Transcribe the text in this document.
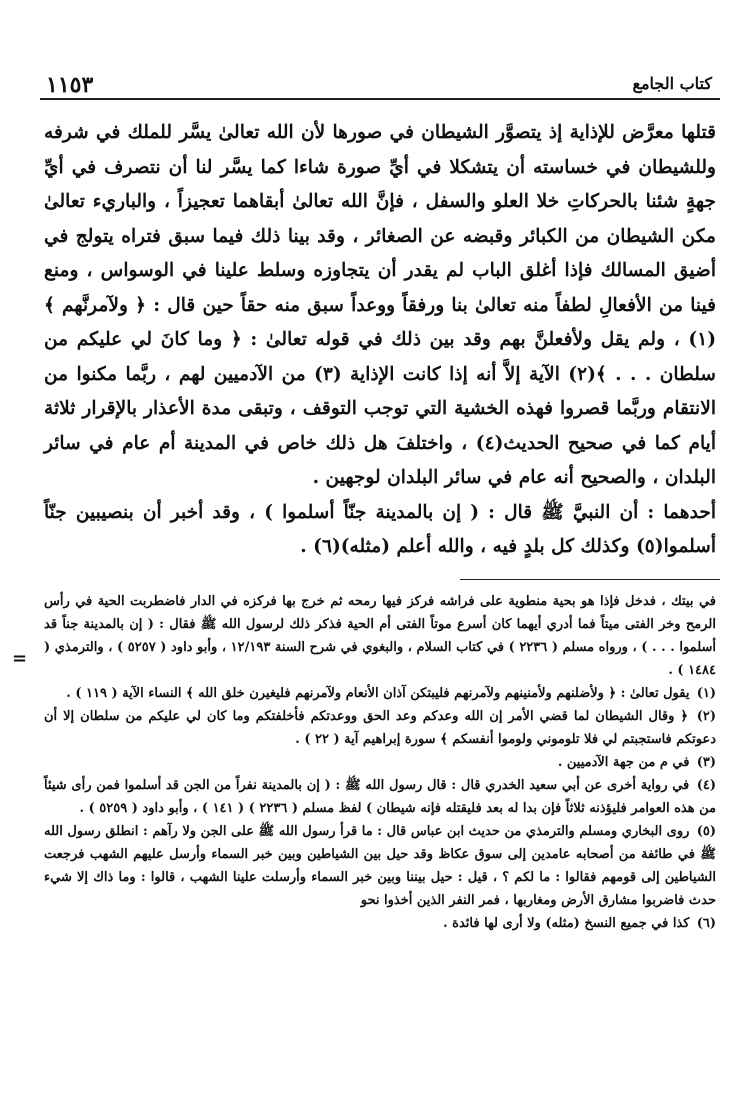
كتاب الجامع
١١٥٣

قتلها معرَّض للإذاية إذ يتصوَّر الشيطان في صورها لأن الله تعالىٰ يسَّر للملك في شرفه وللشيطان في خساسته أن يتشكلا في أيِّ صورة شاءا كما يسَّر لنا أن نتصرف في أيِّ جهةٍ شئنا بالحركاتِ خلا العلو والسفل ، فإنَّ الله تعالىٰ أبقاهما تعجيزاً ، والباريء تعالىٰ مكن الشيطان من الكبائر وقبضه عن الصغائر ، وقد بينا ذلك فيما سبق فتراه يتولج في أضيق المسالك فإذا أغلق الباب لم يقدر أن يتجاوزه وسلط علينا في الوسواس ، ومنع فينا من الأفعالِ لطفاً منه تعالىٰ بنا ورفقاً ووعداً سبق منه حقاً حين قال : ﴿ ولآمرنَّهم ﴾(١) ، ولم يقل ولأفعلنَّ بهم وقد بين ذلك في قوله تعالىٰ : ﴿ وما كانَ لي عليكم من سلطان . . . ﴾(٢) الآية إلاَّ أنه إذا كانت الإذاية (٣) من الآدميين لهم ، ربَّما مكنوا من الانتقام وربَّما قصروا فهذه الخشية التي توجب التوقف ، وتبقى مدة الأعذار بالإقرار ثلاثة أيام كما في صحيح الحديث(٤) ، واختلفَ هل ذلك خاص في المدينة أم عام في سائر البلدان ، والصحيح أنه عام في سائر البلدان لوجهين .

أحدهما : أن النبيَّ ﷺ قال : ( إن بالمدينة جنّاً أسلموا ) ، وقد أخبر أن بنصيبين جنّاً أسلموا(٥) وكذلك كل بلدٍ فيه ، والله أعلم (مثله)(٦) .

=

في بيتك ، فدخل فإذا هو بحية منطوية على فراشه فركز فيها رمحه ثم خرج بها فركزه في الدار فاضطربت الحية في رأس الرمح وخر الفتى ميتاً فما أدري أيهما كان أسرع موتاً الفتى أم الحية فذكر ذلك لرسول الله ﷺ فقال : ( إن بالمدينة جناً قد أسلموا . . . ) ، ورواه مسلم ( ٢٢٣٦ ) في كتاب السلام ، والبغوي في شرح السنة ١٢/١٩٣ ، وأبو داود ( ٥٢٥٧ ) ، والترمذي ( ١٤٨٤ ) .

(١) يقول تعالىٰ : ﴿ ولأضلنهم ولأمنينهم ولآمرنهم فليبتكن آذان الأنعام ولآمرنهم فليغيرن خلق الله ﴾ النساء الآية ( ١١٩ ) .

(٢) ﴿ وقال الشيطان لما قضي الأمر إن الله وعدكم وعد الحق ووعدتكم فأخلفتكم وما كان لي عليكم من سلطان إلا أن دعوتكم فاستجبتم لي فلا تلوموني ولوموا أنفسكم ﴾ سورة إبراهيم آية ( ٢٢ ) .

(٣) في م من جهة الآدميين .

(٤) في رواية أخرى عن أبي سعيد الخدري قال : قال رسول الله ﷺ : ( إن بالمدينة نفراً من الجن قد أسلموا فمن رأى شيئاً من هذه العوامر فليؤذنه ثلاثاً فإن بدا له بعد فليقتله فإنه شيطان ) لفظ مسلم ( ٢٢٣٦ ) ( ١٤١ ) ، وأبو داود ( ٥٢٥٩ ) .

(٥) روى البخاري ومسلم والترمذي من حديث ابن عباس قال : ما قرأ رسول الله ﷺ على الجن ولا رآهم : انطلق رسول الله ﷺ في طائفة من أصحابه عامدين إلى سوق عكاظ وقد حيل بين الشياطين وبين خبر السماء وأرسل عليهم الشهب فرجعت الشياطين إلى قومهم فقالوا : ما لكم ؟ ، قيل : حيل بيننا وبين خبر السماء وأرسلت علينا الشهب ، قالوا : وما ذاك إلا شيء حدث فاضربوا مشارق الأرض ومغاربها ، فمر النفر الذين أخذوا نحو

(٦) كذا في جميع النسخ (مثله) ولا أرى لها فائدة .
